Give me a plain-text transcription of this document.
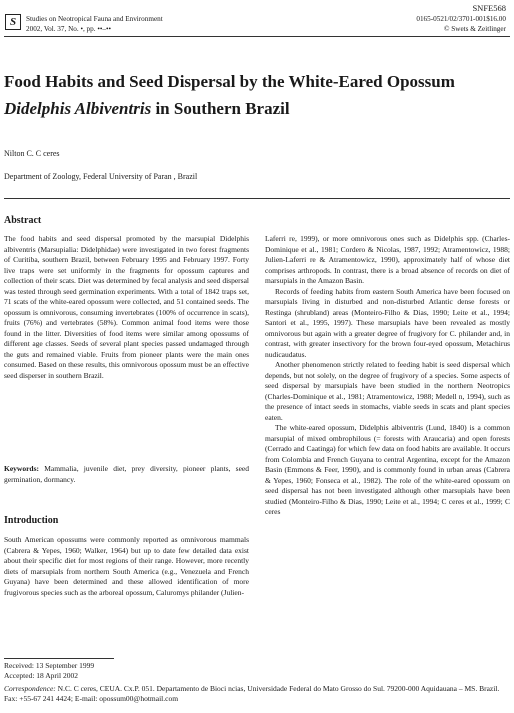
SNFE568
S	Studies on Neotropical Fauna and Environment
2002, Vol. 37, No. •, pp. ••–••
0165-0521/02/3701-001$16.00
© Swets & Zeitlinger
Food Habits and Seed Dispersal by the White-Eared Opossum
Didelphis Albiventris in Southern Brazil
Nilton C. C ceres
Department of Zoology, Federal University of Paran , Brazil
Abstract

The food habits and seed dispersal promoted by the marsupial Didelphis albiventris (Marsupialia: Didelphidae) were investigated in two forest fragments of Curitiba, southern Brazil, between February 1995 and February 1997. Forty live traps were set uniformly in the fragments for opossum captures and collection of their scats. Diet was determined by fecal analysis and seed dispersal was tested through seed germination experiments. With a total of 1842 traps set, 71 scats of the white-eared opossum were collected, and 51 contained seeds. The opossum is omnivorous, consuming invertebrates (100% of occurrence in scats), fruits (76%) and vertebrates (58%). Common animal food items were those found in the litter. Diversities of food items were similar among opossums of different age classes. Seeds of several plant species passed undamaged through the guts and remained viable. Fruits from pioneer plants were the main ones consumed. Based on these results, this omnivorous opossum must be an effective seed disperser in southern Brazil.

Keywords: Mammalia, juvenile diet, prey diversity, pioneer plants, seed germination, dormancy.
Introduction

South American opossums were commonly reported as omnivorous mammals (Cabrera & Yepes, 1960; Walker, 1964) but up to date few detailed data exist about their specific diet for most regions of their range. However, more recently diets of marsupials from northern South America (e.g., Venezuela and French Guyana) have been determined and these allowed identification of more frugivorous species such as the arboreal opossum, Caluromys philander (Julien-

Laferri re, 1999), or more omnivorous ones such as Didelphis spp. (Charles-Dominique et al., 1981; Cordero & Nicolas, 1987, 1992; Atramentowicz, 1988; Julien-Laferri re & Atramentowicz, 1990), approximately half of whose diet comprises arthropods. In contrast, there is a broad absence of records on diet of marsupials in the Amazon Basin.

Records of feeding habits from eastern South America have been focused on marsupials living in disturbed and non-disturbed Atlantic dense forests or Restinga (shrubland) areas (Monteiro-Filho & Dias, 1990; Leite et al., 1994; Santori et al., 1995, 1997). These marsupials have been revealed as mostly omnivorous but again with a greater degree of frugivory for C. philander and, in contrast, with greater insectivory for the brown four-eyed opossum, Metachirus nudicaudatus.

Another phenomenon strictly related to feeding habit is seed dispersal which depends, but not solely, on the degree of frugivory of a species. Some aspects of seed dispersal by marsupials have been studied in the northern Neotropics (Charles-Dominique et al., 1981; Atramentowicz, 1988; Medell n, 1994), such as the presence of intact seeds in stomachs, viable seeds in scats and plant species eaten.

The white-eared opossum, Didelphis albiventris (Lund, 1840) is a common marsupial of mixed ombrophilous (= forests with Araucaria) and open forests (Cerrado and Caatinga) for which few data on food habits are available. It occurs from Colombia and French Guyana to central Argentina, except for the Amazon Basin (Emmons & Feer, 1990), and is commonly found in urban areas (Cabrera & Yepes, 1960; Fonseca et al., 1982). The role of the white-eared opossum on seed dispersal has not been investigated although other marsupials have been studied (Monteiro-Filho & Dias, 1990; Leite et al., 1994; C ceres et al., 1999; C ceres

Received: 13 September 1999
Accepted: 18 April 2002
Correspondence: N.C. C ceres, CEUA. Cx.P. 051. Departamento de Bioci ncias, Universidade Federal do Mato Grosso do Sul. 79200-000 Aquidauana – MS. Brazil. Fax: +55-67 241 4424; E-mail: opossum00@hotmail.com
